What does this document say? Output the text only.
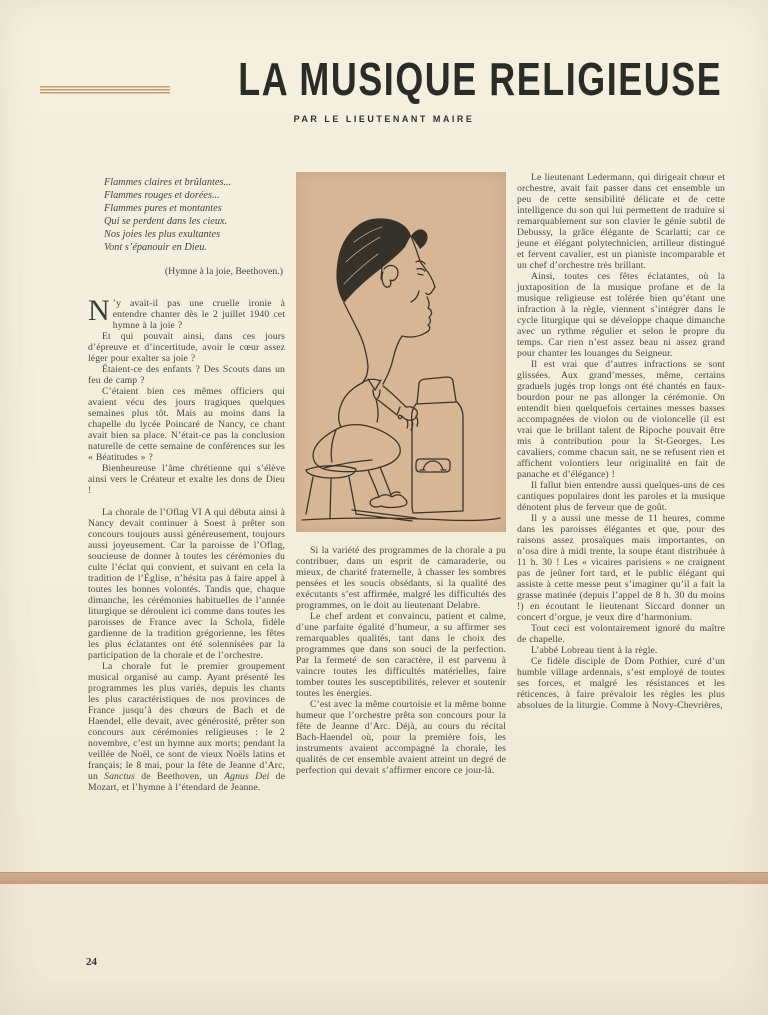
LA MUSIQUE RELIGIEUSE
PAR LE LIEUTENANT MAIRE
Flammes claires et brûlantes...
Flammes rouges et dorées...
Flammes pures et montantes
Qui se perdent dans les cieux.
Nos joies les plus exultantes
Vont s’épanouir en Dieu.
(Hymne à la joie, Beethoven.)

N ’y avait-il pas une cruelle ironie à entendre chanter dès le 2 juillet 1940 cet hymne à la joie ?

Et qui pouvait ainsi, dans ces jours d’épreuve et d’incertitude, avoir le cœur assez léger pour exalter sa joie ?

Étaient-ce des enfants ? Des Scouts dans un feu de camp ?

C’étaient bien ces mêmes officiers qui avaient vécu des jours tragiques quelques semaines plus tôt. Mais au moins dans la chapelle du lycée Poincaré de Nancy, ce chant avait bien sa place. N’était-ce pas la conclusion naturelle de cette semaine de conférences sur les « Béatitudes » ?

Bienheureuse l’âme chrétienne qui s’élève ainsi vers le Créateur et exalte les dons de Dieu !

La chorale de l’Oflag VI A qui débuta ainsi à Nancy devait continuer à Soest à prêter son concours toujours aussi généreusement, toujours aussi joyeusement. Car la paroisse de l’Oflag, soucieuse de donner à toutes les cérémonies du culte l’éclat qui convient, et suivant en cela la tradition de l’Église, n’hésita pas à faire appel à toutes les bonnes volontés. Tandis que, chaque dimanche, les cérémonies habituelles de l’année liturgique se déroulent ici comme dans toutes les paroisses de France avec la Schola, fidèle gardienne de la tradition grégorienne, les fêtes les plus éclatantes ont été solennisées par la participation de la chorale et de l’orchestre.

La chorale fut le premier groupement musical organisé au camp. Ayant présenté les programmes les plus variés, depuis les chants les plus caractéristiques de nos provinces de France jusqu’à des chœurs de Bach et de Haendel, elle devait, avec générosité, prêter son concours aux cérémonies religieuses : le 2 novembre, c’est un hymne aux morts; pendant la veillée de Noël, ce sont de vieux Noëls latins et français; le 8 mai, pour la fête de Jeanne d’Arc, un Sanctus de Beethoven, un Agnus Dei de Mozart, et l’hymne à l’étendard de Jeanne.

Si la variété des programmes de la chorale a pu contribuer, dans un esprit de camaraderie, ou mieux, de charité fraternelle, à chasser les sombres pensées et les soucis obsédants, si la qualité des exécutants s’est affirmée, malgré les difficultés des programmes, on le doit au lieutenant Delabre.

Le chef ardent et convaincu, patient et calme, d’une parfaite égalité d’humeur, a su affirmer ses remarquables qualités, tant dans le choix des programmes que dans son souci de la perfection. Par la fermeté de son caractère, il est parvenu à vaincre toutes les difficultés matérielles, faire tomber toutes les susceptibilités, relever et soutenir toutes les énergies.

C’est avec la même courtoisie et la même bonne humeur que l’orchestre prêta son concours pour la fête de Jeanne d’Arc. Déjà, au cours du récital Bach-Haendel où, pour la première fois, les instruments avaient accompagné la chorale, les qualités de cet ensemble avaient atteint un degré de perfection qui devait s’affirmer encore ce jour-là.

Le lieutenant Ledermann, qui dirigeait chœur et orchestre, avait fait passer dans cet ensemble un peu de cette sensibilité délicate et de cette intelligence du son qui lui permettent de traduire si remarquablement sur son clavier le génie subtil de Debussy, la grâce élégante de Scarlatti; car ce jeune et élégant polytechnicien, artilleur distingué et fervent cavalier, est un pianiste incomparable et un chef d’orchestre très brillant.

Ainsi, toutes ces fêtes éclatantes, où la juxtaposition de la musique profane et de la musique religieuse est tolérée bien qu’étant une infraction à la règle, viennent s’intégrer dans le cycle liturgique qui se développe chaque dimanche avec un rythme régulier et selon le propre du temps. Car rien n’est assez beau ni assez grand pour chanter les louanges du Seigneur.

Il est vrai que d’autres infractions se sont glissées. Aux grand’messes, même, certains graduels jugés trop longs ont été chantés en faux-bourdon pour ne pas allonger la cérémonie. On entendit bien quelquefois certaines messes basses accompagnées de violon ou de violoncelle (il est vrai que le brillant talent de Ripoche pouvait être mis à contribution pour la St-Georges. Les cavaliers, comme chacun sait, ne se refusent rien et affichent volontiers leur originalité en fait de panache et d’élégance) !

Il fallut bien entendre aussi quelques-uns de ces cantiques populaires dont les paroles et la musique dénotent plus de ferveur que de goût.

Il y a aussi une messe de 11 heures, comme dans les paroisses élégantes et que, pour des raisons assez prosaïques mais importantes, on n’osa dire à midi trente, la soupe étant distribuée à 11 h. 30 ! Les « vicaires parisiens » ne craignent pas de jeûner fort tard, et le public élégant qui assiste à cette messe peut s’imaginer qu’il a fait la grasse matinée (depuis l’appel de 8 h. 30 du moins !) en écoutant le lieutenant Siccard donner un concert d’orgue, je veux dire d’harmonium.

Tout ceci est volontairement ignoré du maître de chapelle.

L’abbé Lobreau tient à la règle.

Ce fidèle disciple de Dom Pothier, curé d’un humble village ardennais, s’est employé de toutes ses forces, et malgré les résistances et les réticences, à faire prévaloir les règles les plus absolues de la liturgie. Comme à Novy-Chevrières,

24
